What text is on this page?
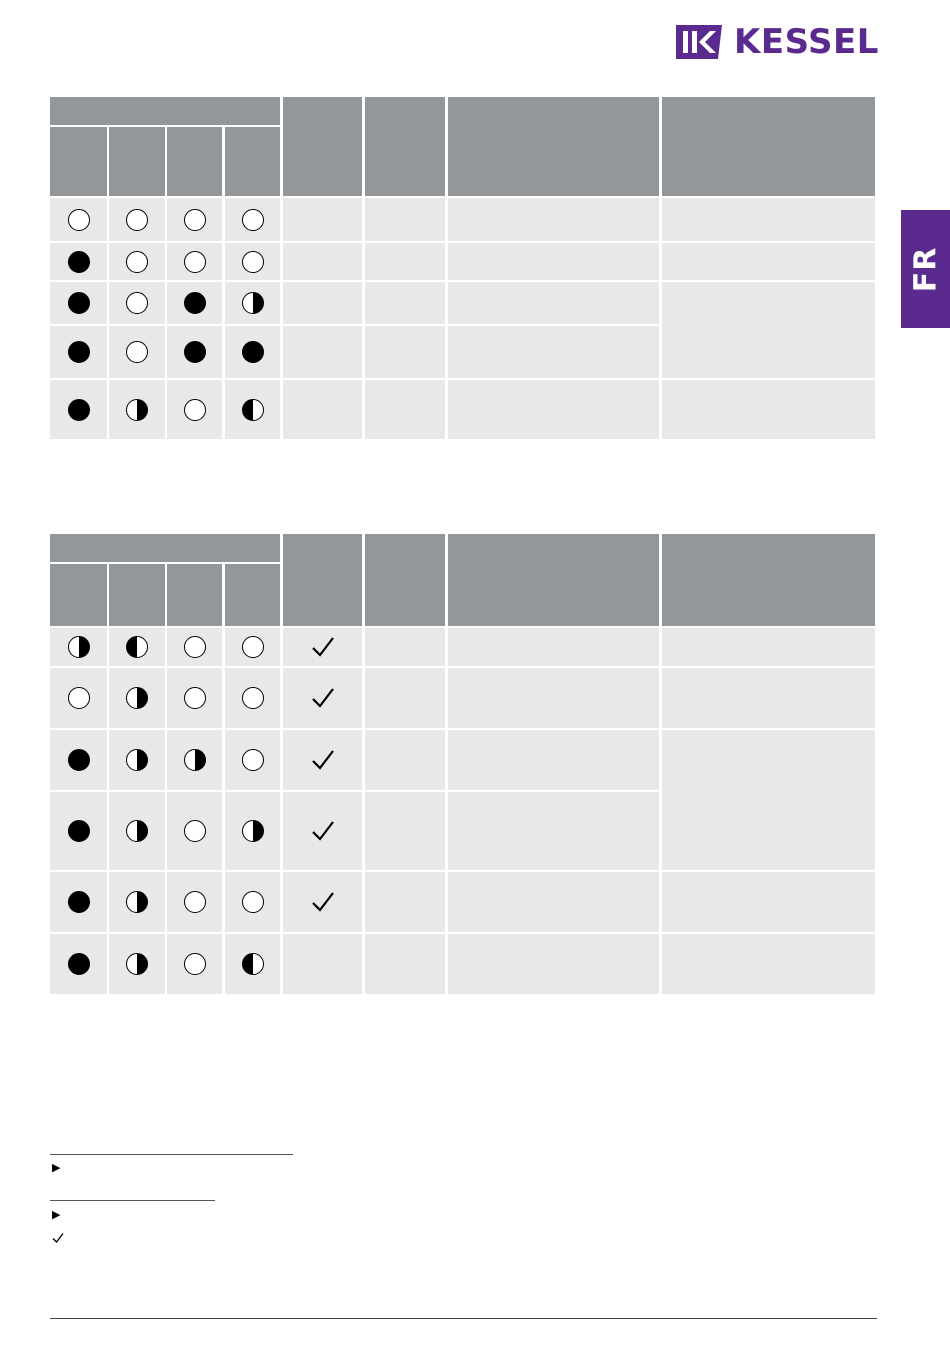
KESSEL
FR
▶
▶
